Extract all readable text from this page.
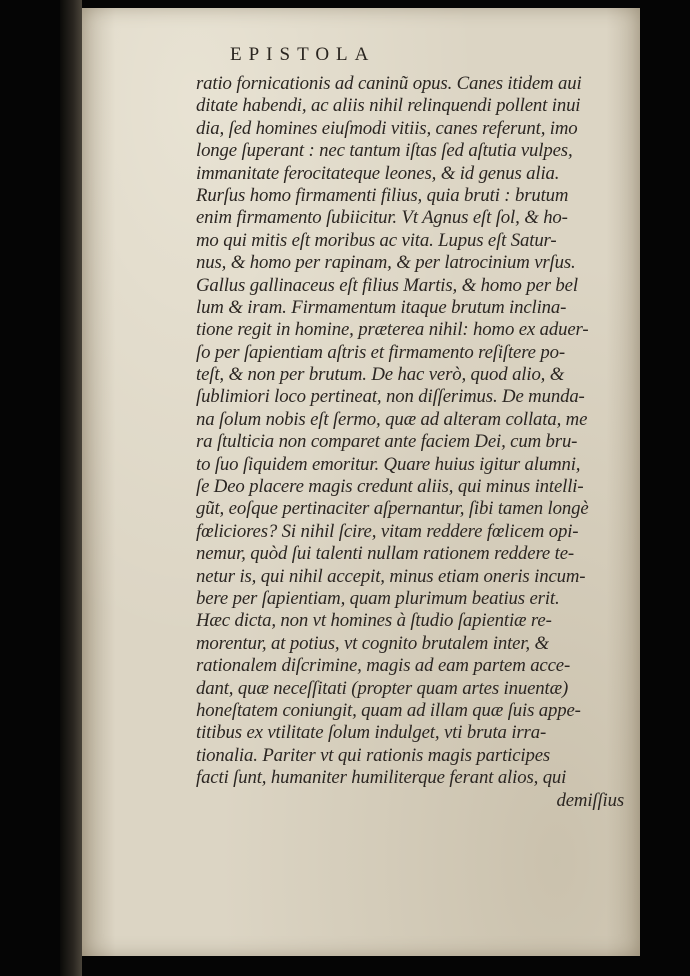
EPISTOLA
ratio fornicationis ad caninũ opus. Canes itidem aui
ditate habendi, ac aliis nihil relinquendi pollent inui
dia, ſed homines eiuſmodi vitiis, canes referunt, imo
longe ſuperant : nec tantum iſtas ſed aſtutia vulpes,
immanitate ferocitateque leones, & id genus alia.
Rurſus homo firmamenti filius, quia bruti : brutum
enim firmamento ſubiicitur. Vt Agnus eſt ſol, & ho-
mo qui mitis eſt moribus ac vita. Lupus eſt Satur-
nus, & homo per rapinam, & per latrocinium vrſus.
Gallus gallinaceus eſt filius Martis, & homo per bel
lum & iram. Firmamentum itaque brutum inclina-
tione regit in homine, præterea nihil: homo ex aduer-
ſo per ſapientiam aſtris et firmamento reſiſtere po-
teſt, & non per brutum. De hac verò, quod alio, &
ſublimiori loco pertineat, non diſſerimus. De munda-
na ſolum nobis eſt ſermo, quæ ad alteram collata, me
ra ſtulticia non comparet ante faciem Dei, cum bru-
to ſuo ſiquidem emoritur. Quare huius igitur alumni,
ſe Deo placere magis credunt aliis, qui minus intelli-
gũt, eoſque pertinaciter aſpernantur, ſibi tamen longè
fœliciores? Si nihil ſcire, vitam reddere fœlicem opi-
nemur, quòd ſui talenti nullam rationem reddere te-
netur is, qui nihil accepit, minus etiam oneris incum-
bere per ſapientiam, quam plurimum beatius erit.
Hæc dicta, non vt homines à ſtudio ſapientiæ re-
morentur, at potius, vt cognito brutalem inter, &
rationalem diſcrimine, magis ad eam partem acce-
dant, quæ neceſſitati (propter quam artes inuentæ)
honeſtatem coniungit, quam ad illam quæ ſuis appe-
titibus ex vtilitate ſolum indulget, vti bruta irra-
tionalia. Pariter vt qui rationis magis participes
facti ſunt, humaniter humiliterque ferant alios, qui
demiſſius
